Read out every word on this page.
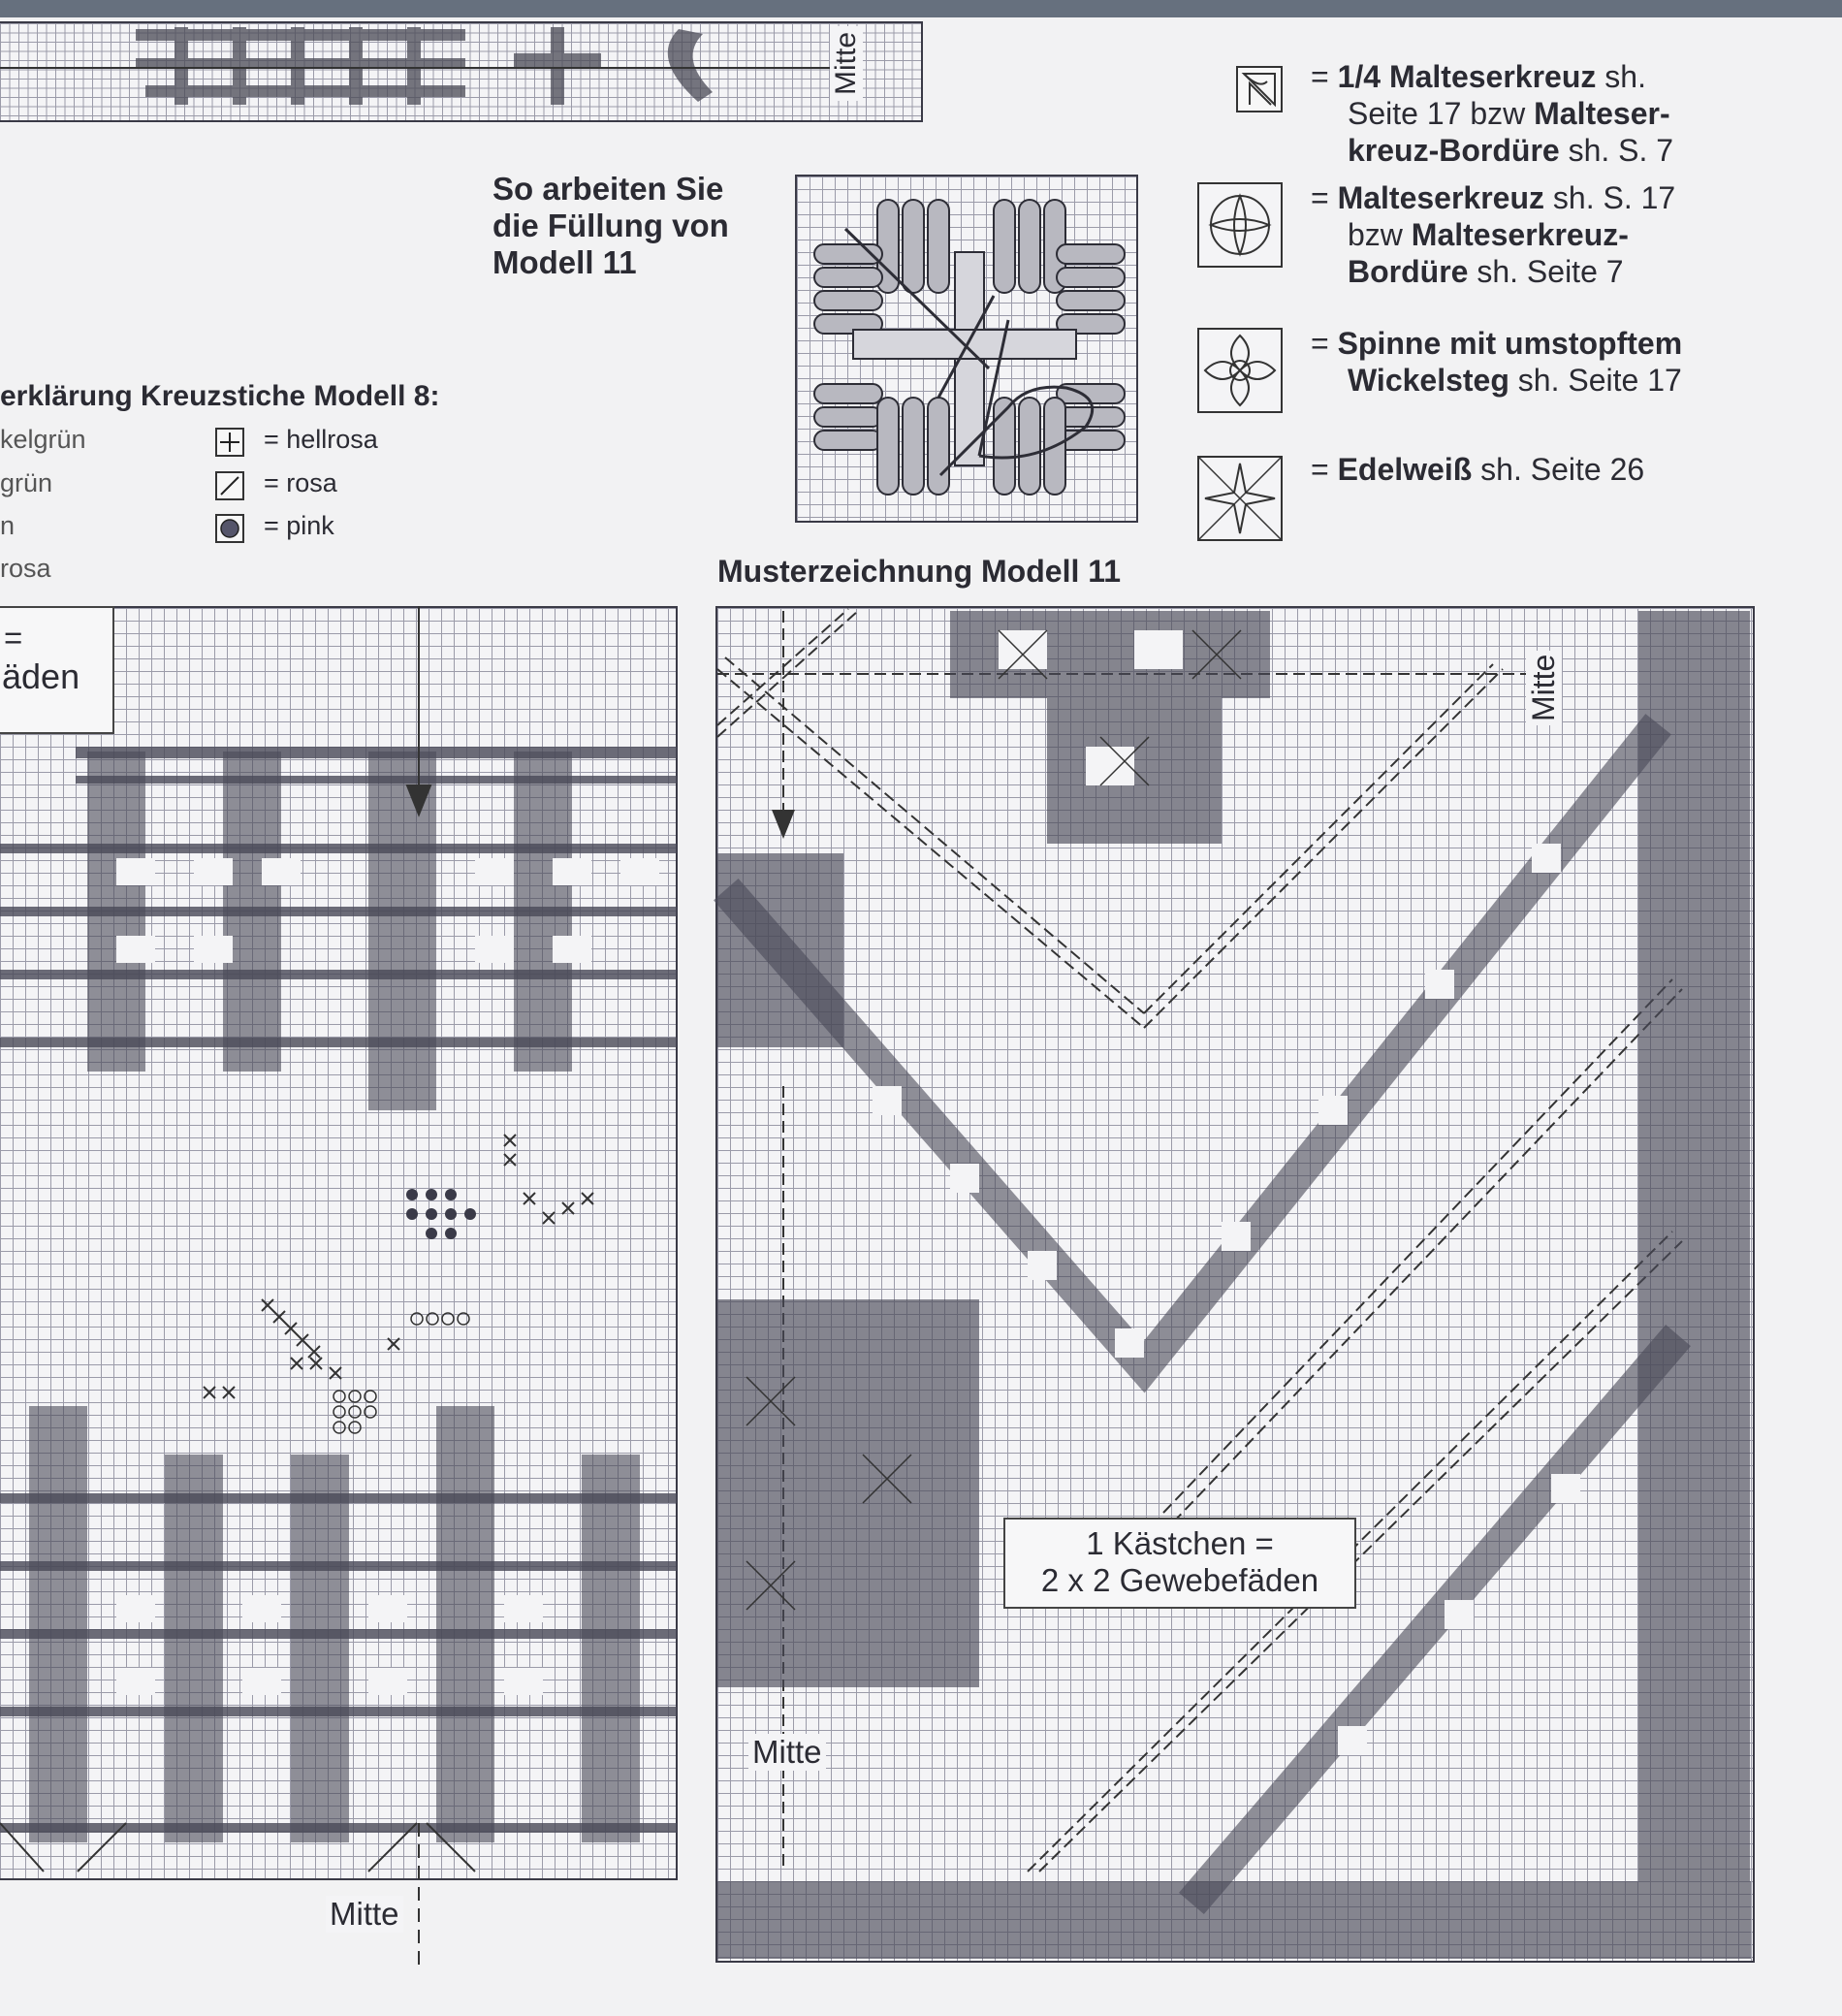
Mitte
So arbeiten Sie
die Füllung von
Modell 11
= 1/4 Malteserkreuz sh.
Seite 17 bzw Malteser-
kreuz-Bordüre sh. S. 7
= Malteserkreuz sh. S. 17
bzw Malteserkreuz-
Bordüre sh. Seite 7
= Spinne mit umstopftem
Wickelsteg sh. Seite 17
= Edelweiß sh. Seite 26
erklärung Kreuzstiche Modell 8:
kelgrün
grün
n
rosa
= hellrosa
= rosa
= pink
=
äden
Mitte
Musterzeichnung Modell 11
Mitte
1 Kästchen =
2 x 2 Gewebefäden
Mitte
